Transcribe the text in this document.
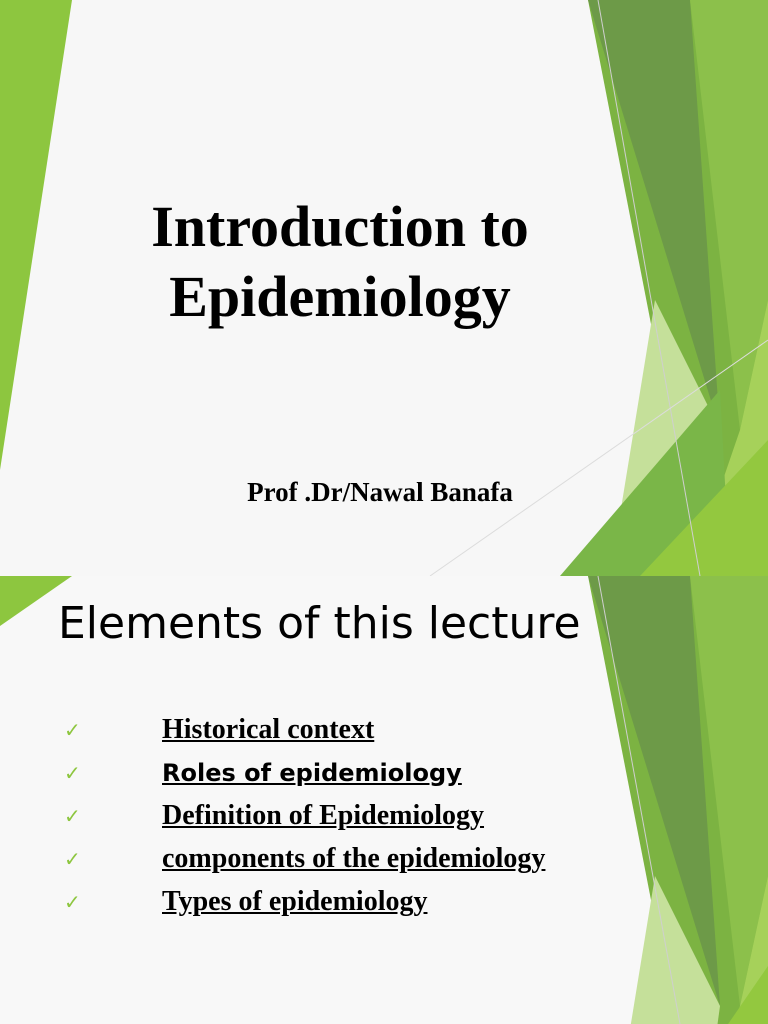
Introduction to
Epidemiology

Prof .Dr/Nawal Banafa

Elements of this lecture
✓	Historical context
✓	Roles of epidemiology
✓	Definition of Epidemiology
✓	components of the epidemiology
✓	Types of epidemiology
